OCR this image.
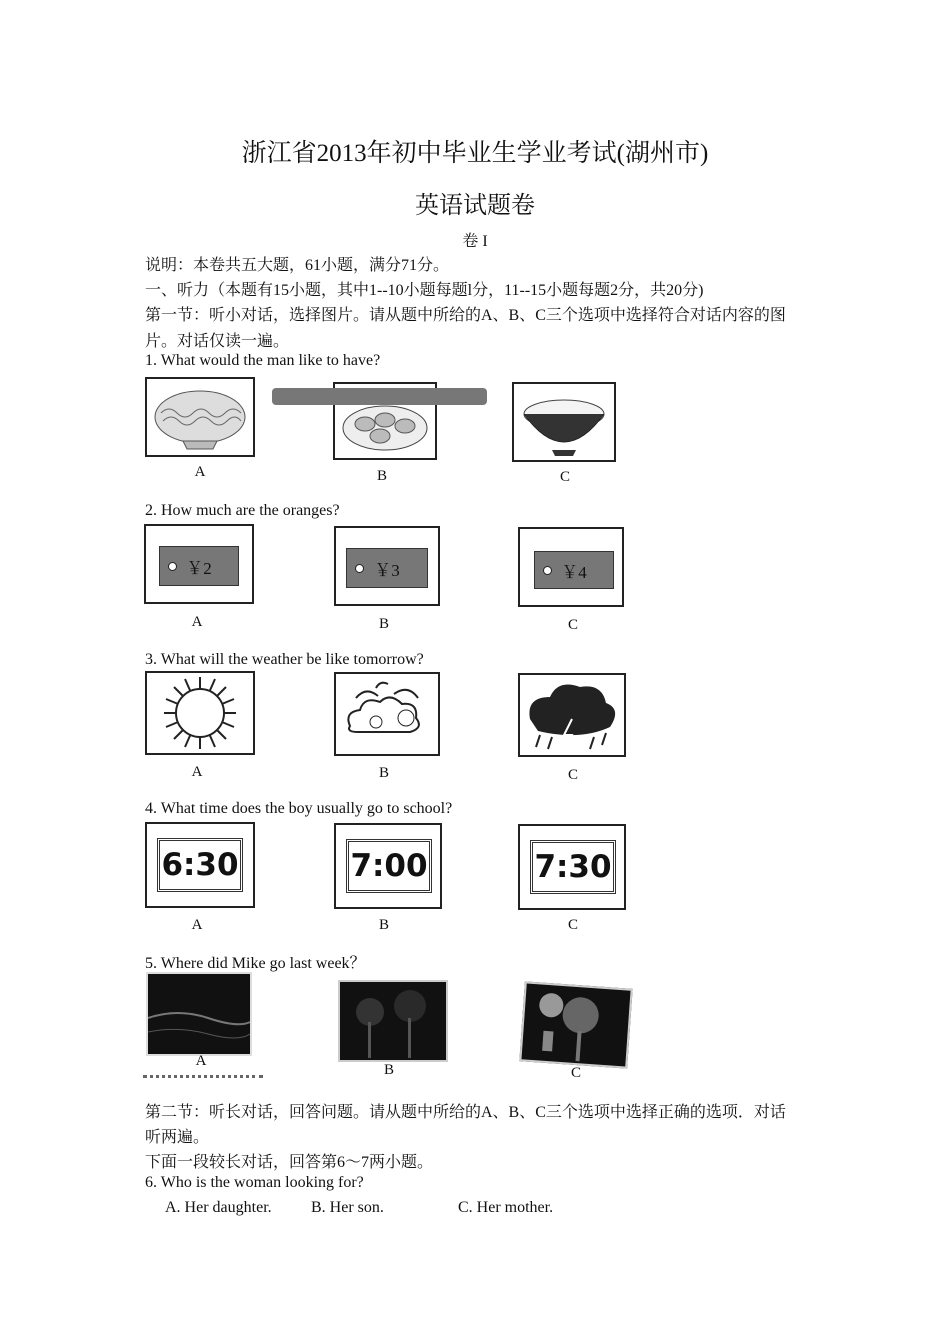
浙江省2013年初中毕业生学业考试(湖州市)
英语试题卷
卷 I
说明：本卷共五大题，61小题，满分71分。
一、听力（本题有15小题，其中1--10小题每题l分，11--15小题每题2分，共20分)
第一节：听小对话，选择图片。请从题中所给的A、B、C三个选项中选择符合对话内容的图
片。对话仅读一遍。
1. What would the man like to have?
A	B	C
2. How much are the oranges?
￥2	￥3	￥4
A	B	C
3. What will the weather be like tomorrow?
A	B	C
4. What time does the boy usually go to school?
6:30	7:00	7:30
A	B	C
5. Where did Mike go last week？
A
B	C
第二节：听长对话，回答问题。请从题中所给的A、B、C三个选项中选择正确的选项．对话
听两遍。
下面一段较长对话，回答第6～7两小题。
6. Who is the woman looking for?
A. Her daughter. B. Her son.	C. Her mother.
